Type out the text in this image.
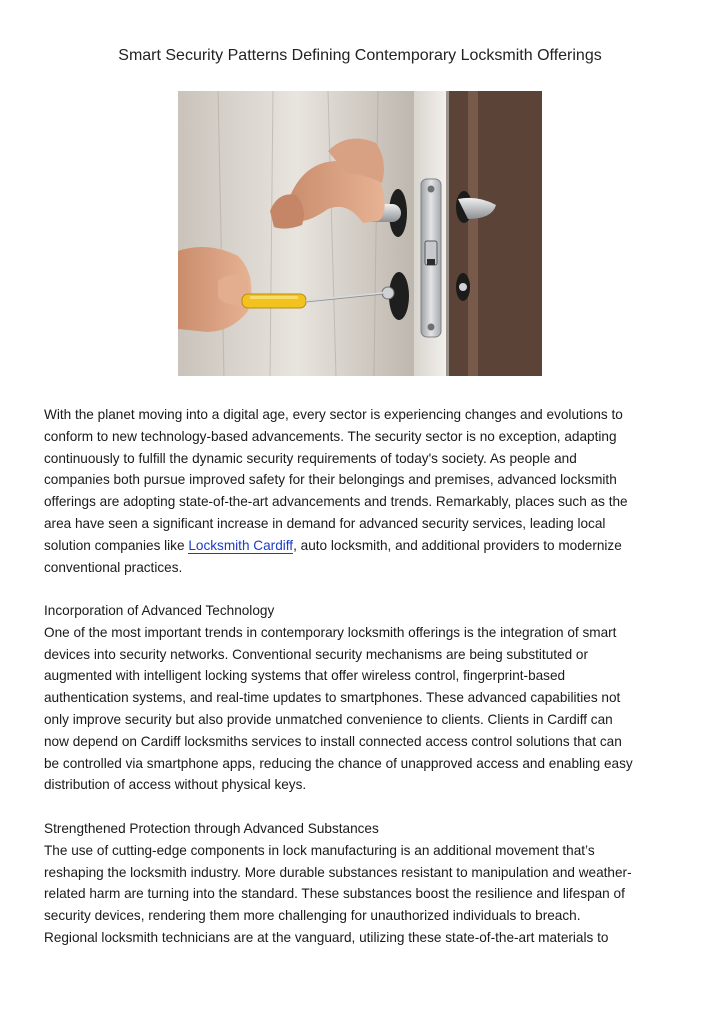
Smart Security Patterns Defining Contemporary Locksmith Offerings
With the planet moving into a digital age, every sector is experiencing changes and evolutions to
conform to new technology-based advancements. The security sector is no exception, adapting
continuously to fulfill the dynamic security requirements of today's society. As people and
companies both pursue improved safety for their belongings and premises, advanced locksmith
offerings are adopting state-of-the-art advancements and trends. Remarkably, places such as the
area have seen a significant increase in demand for advanced security services, leading local
solution companies like Locksmith Cardiff, auto locksmith, and additional providers to modernize
conventional practices.
Incorporation of Advanced Technology
One of the most important trends in contemporary locksmith offerings is the integration of smart
devices into security networks. Conventional security mechanisms are being substituted or
augmented with intelligent locking systems that offer wireless control, fingerprint-based
authentication systems, and real-time updates to smartphones. These advanced capabilities not
only improve security but also provide unmatched convenience to clients. Clients in Cardiff can
now depend on Cardiff locksmiths services to install connected access control solutions that can
be controlled via smartphone apps, reducing the chance of unapproved access and enabling easy
distribution of access without physical keys.
Strengthened Protection through Advanced Substances
The use of cutting-edge components in lock manufacturing is an additional movement that’s
reshaping the locksmith industry. More durable substances resistant to manipulation and weather-
related harm are turning into the standard. These substances boost the resilience and lifespan of
security devices, rendering them more challenging for unauthorized individuals to breach.
Regional locksmith technicians are at the vanguard, utilizing these state-of-the-art materials to
